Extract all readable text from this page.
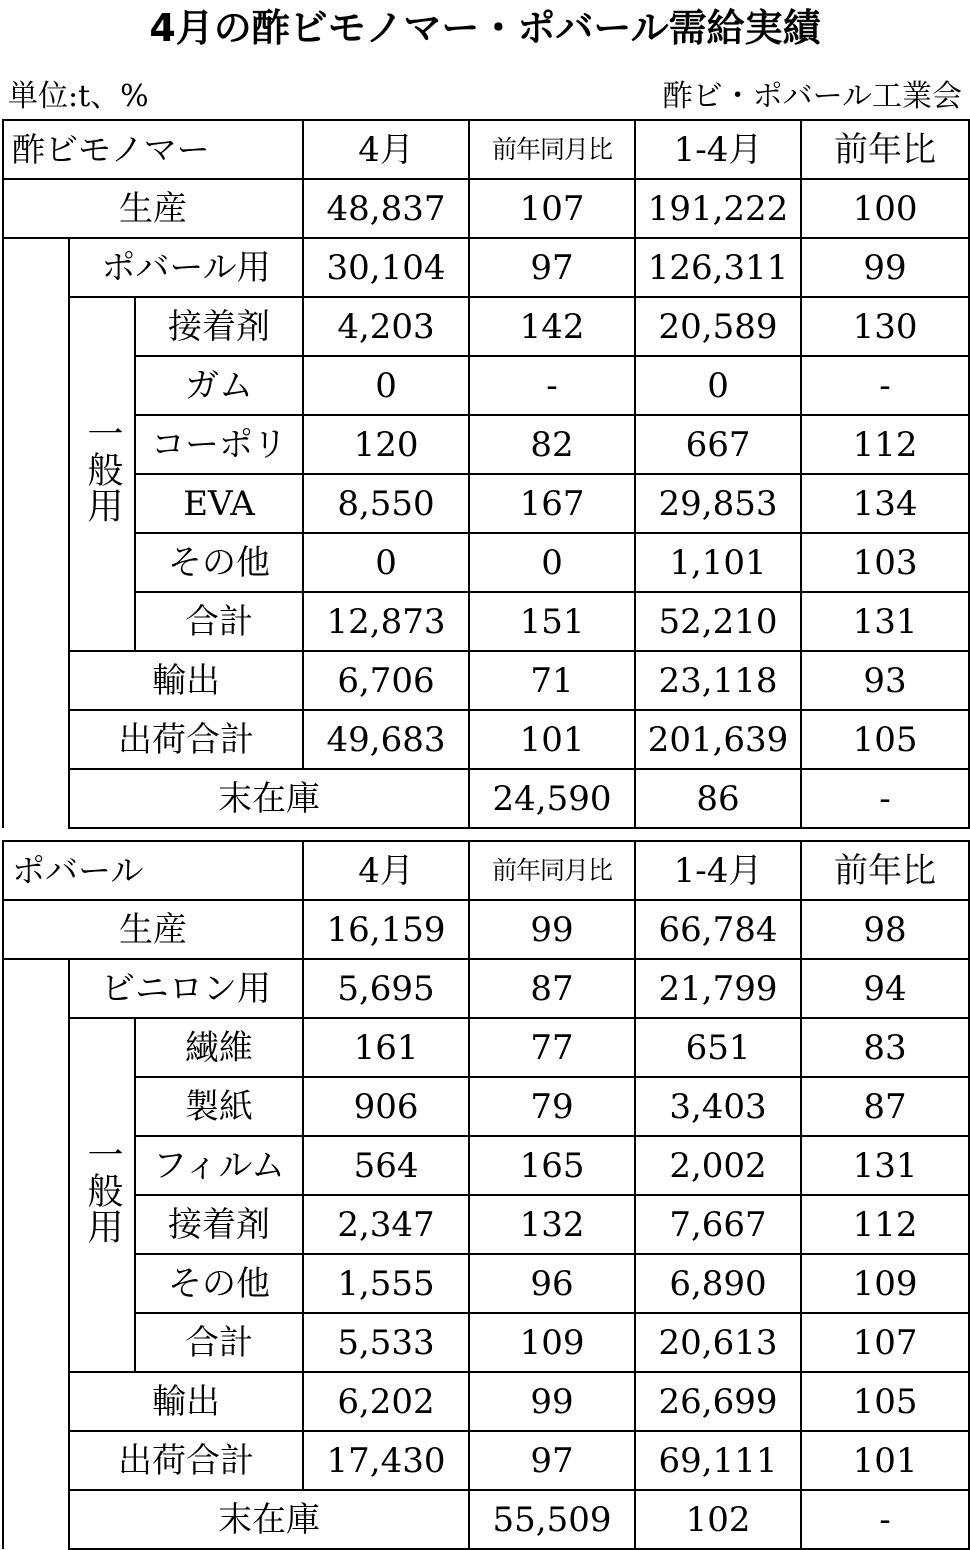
4月の酢ビモノマー・ポバール需給実績
単位:t、%	酢ビ・ポバール工業会
酢ビモノマー			4月	前年同月比	1-4月	前年比	
生産			48,837	107	191,222	100	
	ポバール用		30,104	97	126,311	99	
	一般用	接着剤	4,203	142	20,589	130	
		ガム	0	-	0	-	
		コーポリ	120	82	667	112	
		EVA	8,550	167	29,853	134	
		その他	0	0	1,101	103	
		合計	12,873	151	52,210	131	
	輸出		6,706	71	23,118	93	
	出荷合計		49,683	101	201,639	105	
	末在庫			24,590	86	-	
ポバール			4月	前年同月比	1-4月	前年比	
生産			16,159	99	66,784	98	
	ビニロン用		5,695	87	21,799	94	
	一般用	繊維	161	77	651	83	
		製紙	906	79	3,403	87	
		フィルム	564	165	2,002	131	
		接着剤	2,347	132	7,667	112	
		その他	1,555	96	6,890	109	
		合計	5,533	109	20,613	107	
	輸出		6,202	99	26,699	105	
	出荷合計		17,430	97	69,111	101	
	末在庫			55,509	102	-	
